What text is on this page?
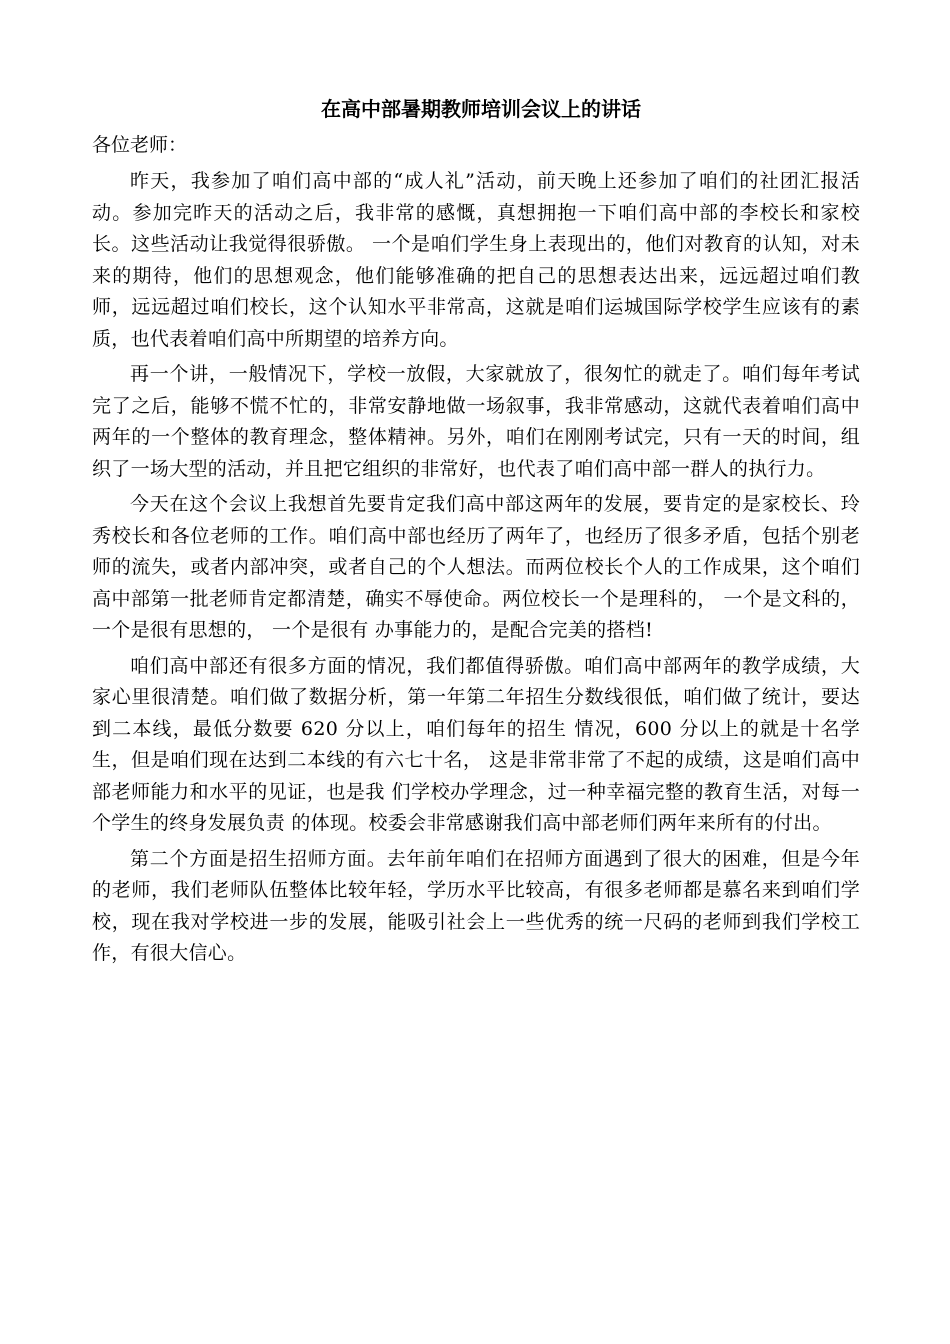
在高中部暑期教师培训会议上的讲话

各位老师：

昨天，我参加了咱们高中部的“成人礼”活动，前天晚上还参加了咱们的社团汇报活动。参加完昨天的活动之后，我非常的感慨，真想拥抱一下咱们高中部的李校长和家校长。这些活动让我觉得很骄傲。 一个是咱们学生身上表现出的，他们对教育的认知，对未来的期待，他们的思想观念，他们能够准确的把自己的思想表达出来，远远超过咱们教师，远远超过咱们校长，这个认知水平非常高，这就是咱们运城国际学校学生应该有的素质，也代表着咱们高中所期望的培养方向。

再一个讲，一般情况下，学校一放假，大家就放了，很匆忙的就走了。咱们每年考试完了之后，能够不慌不忙的，非常安静地做一场叙事，我非常感动，这就代表着咱们高中两年的一个整体的教育理念，整体精神。另外，咱们在刚刚考试完，只有一天的时间，组织了一场大型的活动，并且把它组织的非常好，也代表了咱们高中部一群人的执行力。

今天在这个会议上我想首先要肯定我们高中部这两年的发展，要肯定的是家校长、玲秀校长和各位老师的工作。咱们高中部也经历了两年了，也经历了很多矛盾，包括个别老师的流失，或者内部冲突，或者自己的个人想法。而两位校长个人的工作成果，这个咱们高中部第一批老师肯定都清楚，确实不辱使命。两位校长一个是理科的， 一个是文科的， 一个是很有思想的， 一个是很有 办事能力的，是配合完美的搭档!

咱们高中部还有很多方面的情况，我们都值得骄傲。咱们高中部两年的教学成绩，大家心里很清楚。咱们做了数据分析，第一年第二年招生分数线很低，咱们做了统计，要达到二本线，最低分数要 620 分以上，咱们每年的招生 情况，600 分以上的就是十名学生，但是咱们现在达到二本线的有六七十名， 这是非常非常了不起的成绩，这是咱们高中部老师能力和水平的见证，也是我 们学校办学理念，过一种幸福完整的教育生活，对每一个学生的终身发展负责 的体现。校委会非常感谢我们高中部老师们两年来所有的付出。

第二个方面是招生招师方面。去年前年咱们在招师方面遇到了很大的困难，但是今年的老师，我们老师队伍整体比较年轻，学历水平比较高，有很多老师都是慕名来到咱们学校，现在我对学校进一步的发展，能吸引社会上一些优秀的统一尺码的老师到我们学校工作，有很大信心。
